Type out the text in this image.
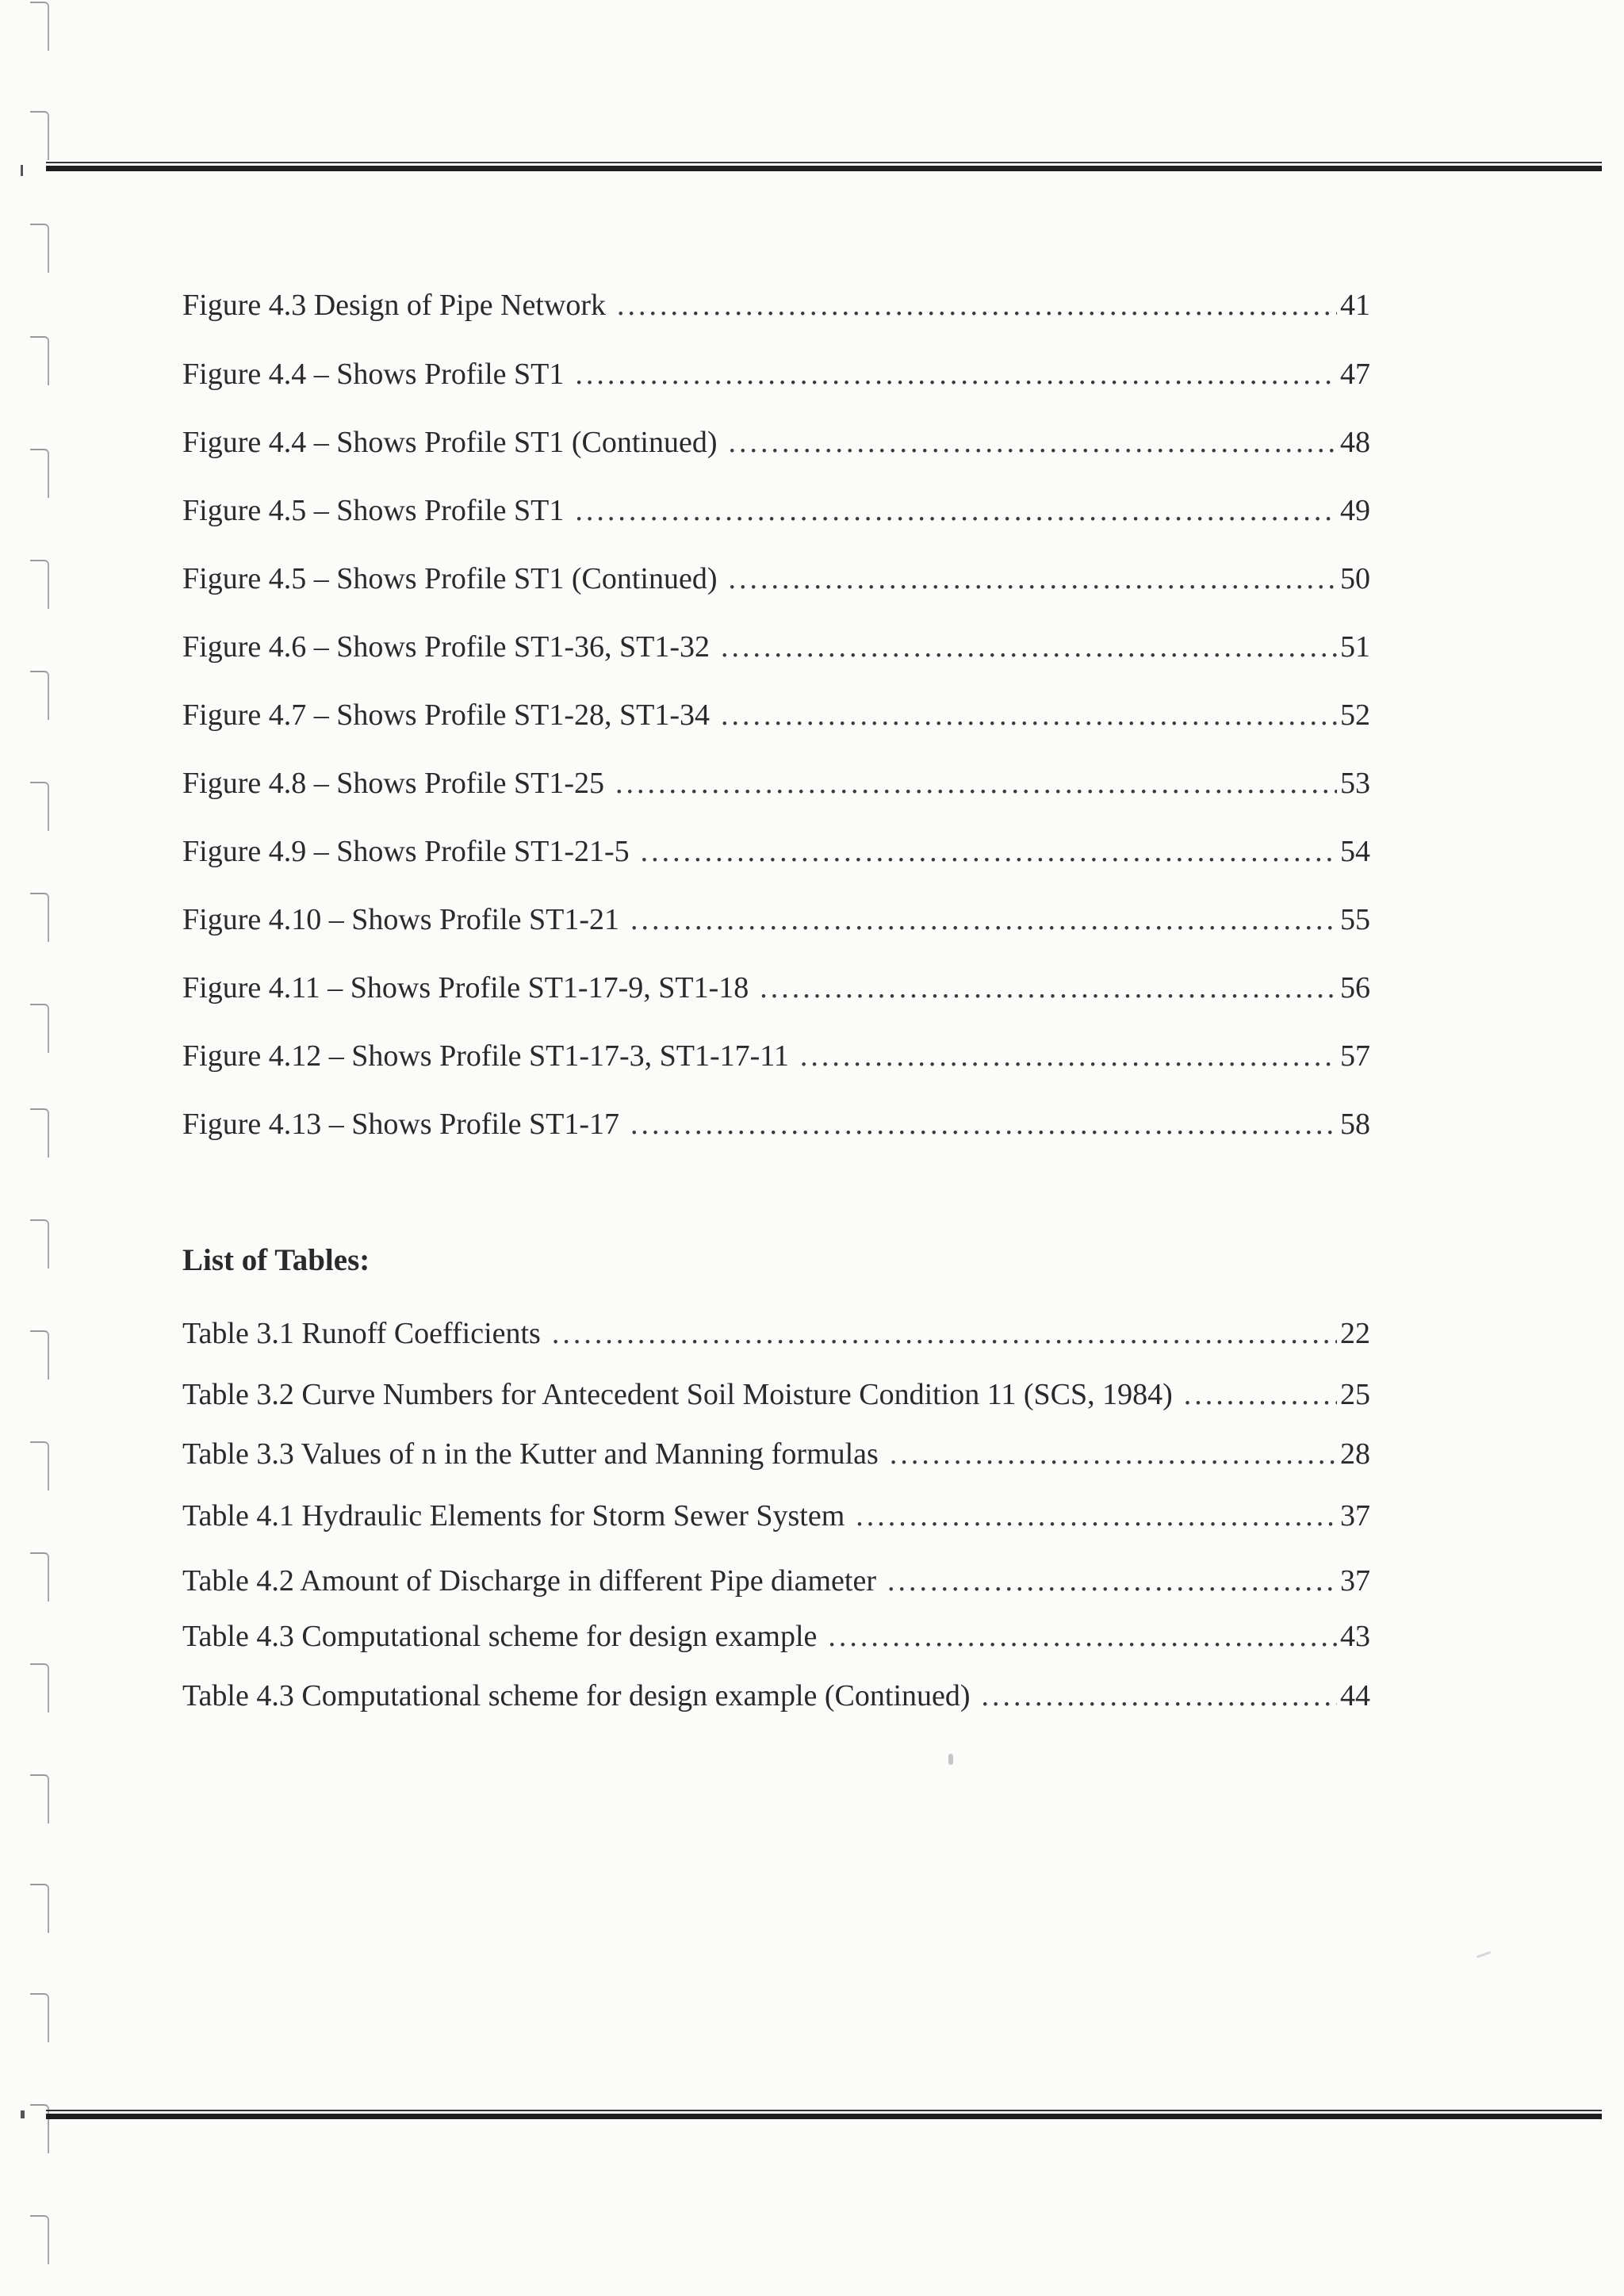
Figure 4.3 Design of Pipe Network .....	41
Figure 4.4 – Shows Profile ST1 .....	47
Figure 4.4 – Shows Profile ST1 (Continued) .....	48
Figure 4.5 – Shows Profile ST1 .....	49
Figure 4.5 – Shows Profile ST1 (Continued) .....	50
Figure 4.6 – Shows Profile ST1-36, ST1-32 .....	51
Figure 4.7 – Shows Profile ST1-28, ST1-34 .....	52
Figure 4.8 – Shows Profile ST1-25 .....	53
Figure 4.9 – Shows Profile ST1-21-5 .....	54
Figure 4.10 – Shows Profile ST1-21 .....	55
Figure 4.11 – Shows Profile ST1-17-9, ST1-18 .....	56
Figure 4.12 – Shows Profile ST1-17-3, ST1-17-11 .....	57
Figure 4.13 – Shows Profile ST1-17 .....	58
List of Tables:
Table 3.1 Runoff Coefficients .....	22
Table 3.2 Curve Numbers for Antecedent Soil Moisture Condition 11 (SCS, 1984) .....	25
Table 3.3 Values of n in the Kutter and Manning formulas .....	28
Table 4.1 Hydraulic Elements for Storm Sewer System .....	37
Table 4.2 Amount of Discharge in different Pipe diameter .....	37
Table 4.3 Computational scheme for design example .....	43
Table 4.3 Computational scheme for design example (Continued) .....	44
